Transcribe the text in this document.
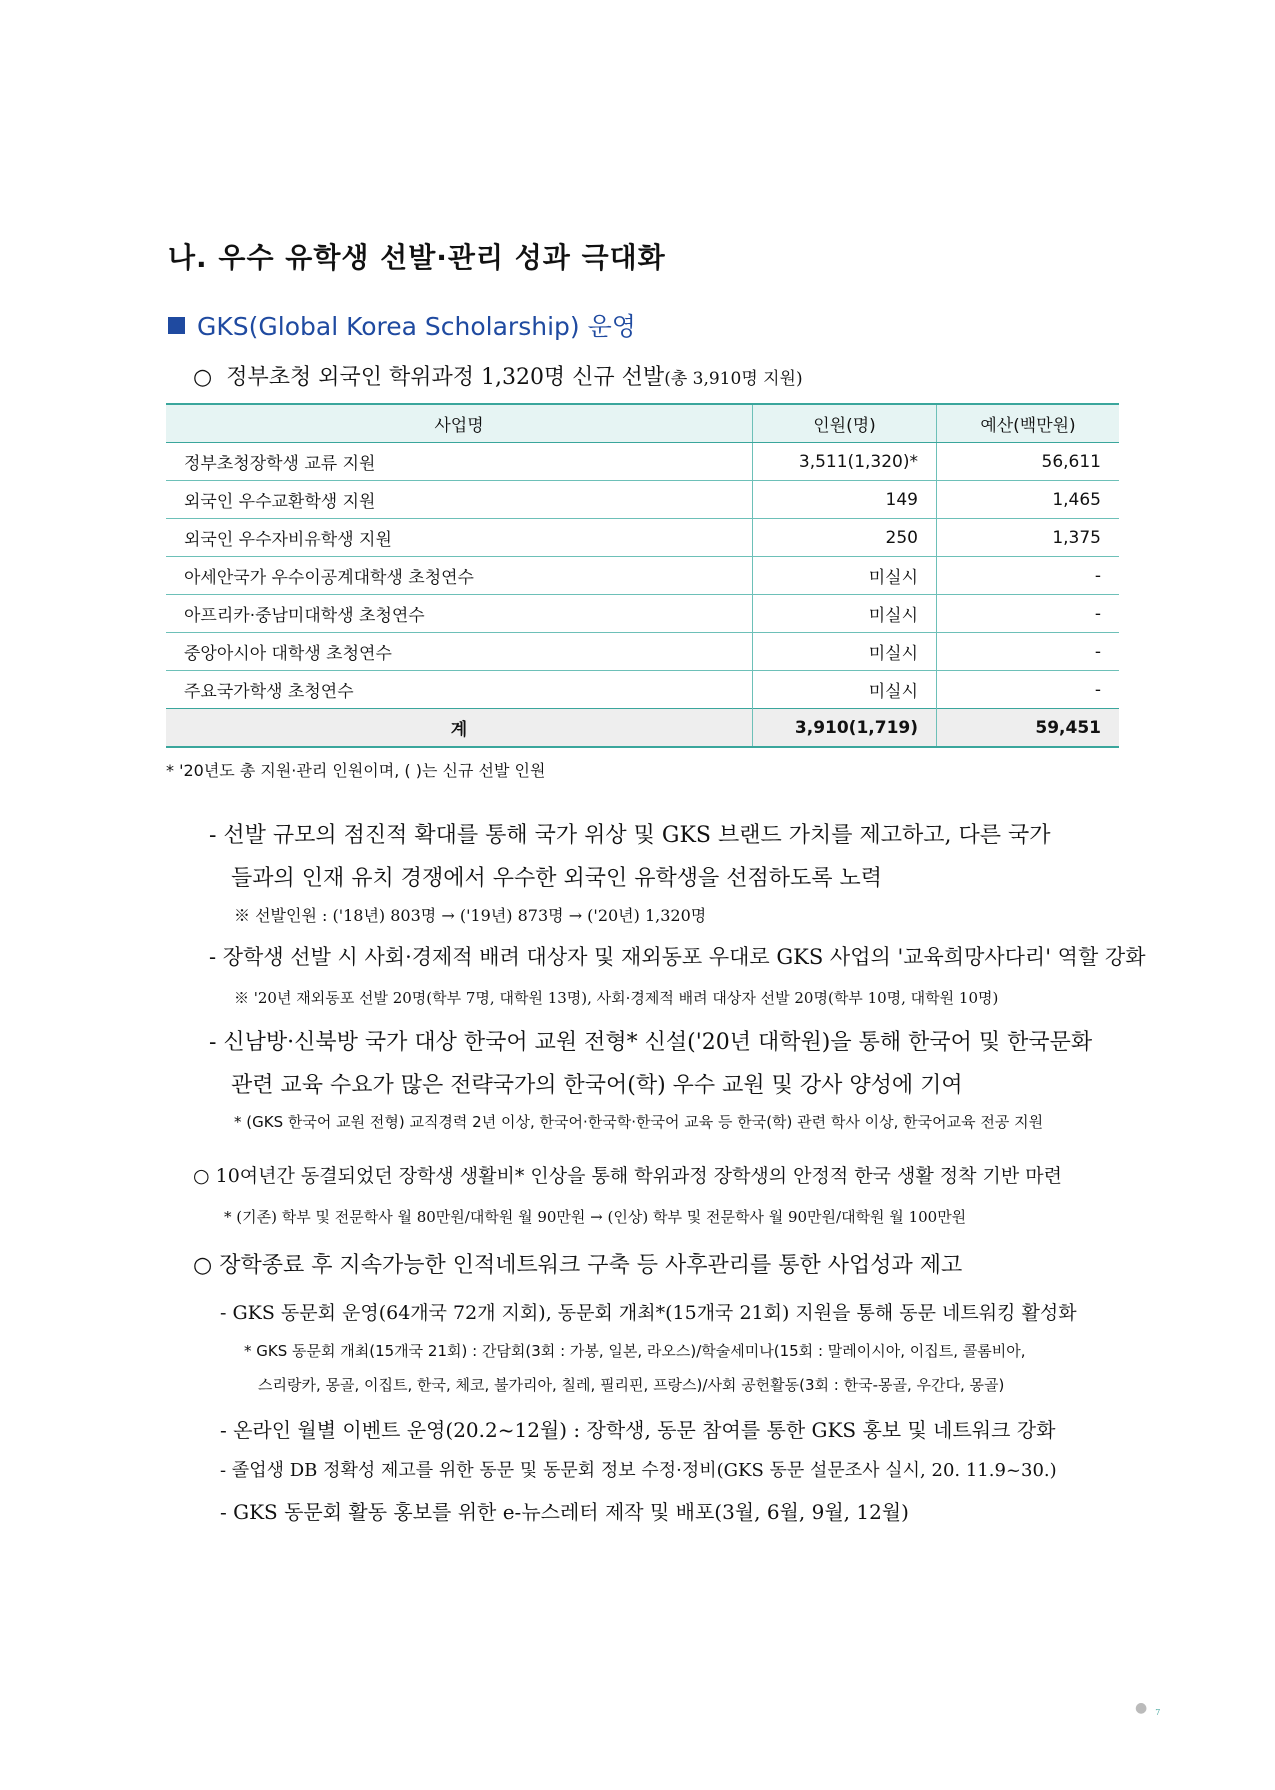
나. 우수 유학생 선발·관리 성과 극대화
GKS(Global Korea Scholarship) 운영
○ 정부초청 외국인 학위과정 1,320명 신규 선발(총 3,910명 지원)
사업명	인원(명)	예산(백만원)
정부초청장학생 교류 지원	3,511(1,320)*	56,611
외국인 우수교환학생 지원	149	1,465
외국인 우수자비유학생 지원	250	1,375
아세안국가 우수이공계대학생 초청연수	미실시	-
아프리카·중남미대학생 초청연수	미실시	-
중앙아시아 대학생 초청연수	미실시	-
주요국가학생 초청연수	미실시	-
계	3,910(1,719)	59,451
* '20년도 총 지원·관리 인원이며, ( )는 신규 선발 인원
- 선발 규모의 점진적 확대를 통해 국가 위상 및 GKS 브랜드 가치를 제고하고, 다른 국가
들과의 인재 유치 경쟁에서 우수한 외국인 유학생을 선점하도록 노력
※ 선발인원 : ('18년) 803명 → ('19년) 873명 → ('20년) 1,320명
- 장학생 선발 시 사회·경제적 배려 대상자 및 재외동포 우대로 GKS 사업의 '교육희망사다리' 역할 강화
※ '20년 재외동포 선발 20명(학부 7명, 대학원 13명), 사회·경제적 배려 대상자 선발 20명(학부 10명, 대학원 10명)
- 신남방·신북방 국가 대상 한국어 교원 전형* 신설('20년 대학원)을 통해 한국어 및 한국문화
관련 교육 수요가 많은 전략국가의 한국어(학) 우수 교원 및 강사 양성에 기여
* (GKS 한국어 교원 전형) 교직경력 2년 이상, 한국어·한국학·한국어 교육 등 한국(학) 관련 학사 이상, 한국어교육 전공 지원
○ 10여년간 동결되었던 장학생 생활비* 인상을 통해 학위과정 장학생의 안정적 한국 생활 정착 기반 마련
* (기존) 학부 및 전문학사 월 80만원/대학원 월 90만원 → (인상) 학부 및 전문학사 월 90만원/대학원 월 100만원
○ 장학종료 후 지속가능한 인적네트워크 구축 등 사후관리를 통한 사업성과 제고
- GKS 동문회 운영(64개국 72개 지회), 동문회 개최*(15개국 21회) 지원을 통해 동문 네트워킹 활성화
* GKS 동문회 개최(15개국 21회) : 간담회(3회 : 가봉, 일본, 라오스)/학술세미나(15회 : 말레이시아, 이집트, 콜롬비아,
스리랑카, 몽골, 이집트, 한국, 체코, 불가리아, 칠레, 필리핀, 프랑스)/사회 공헌활동(3회 : 한국-몽골, 우간다, 몽골)
- 온라인 월별 이벤트 운영(20.2~12월) : 장학생, 동문 참여를 통한 GKS 홍보 및 네트워크 강화
- 졸업생 DB 정확성 제고를 위한 동문 및 동문회 정보 수정·정비(GKS 동문 설문조사 실시, 20. 11.9~30.)
- GKS 동문회 활동 홍보를 위한 e-뉴스레터 제작 및 배포(3월, 6월, 9월, 12월)
● 7
